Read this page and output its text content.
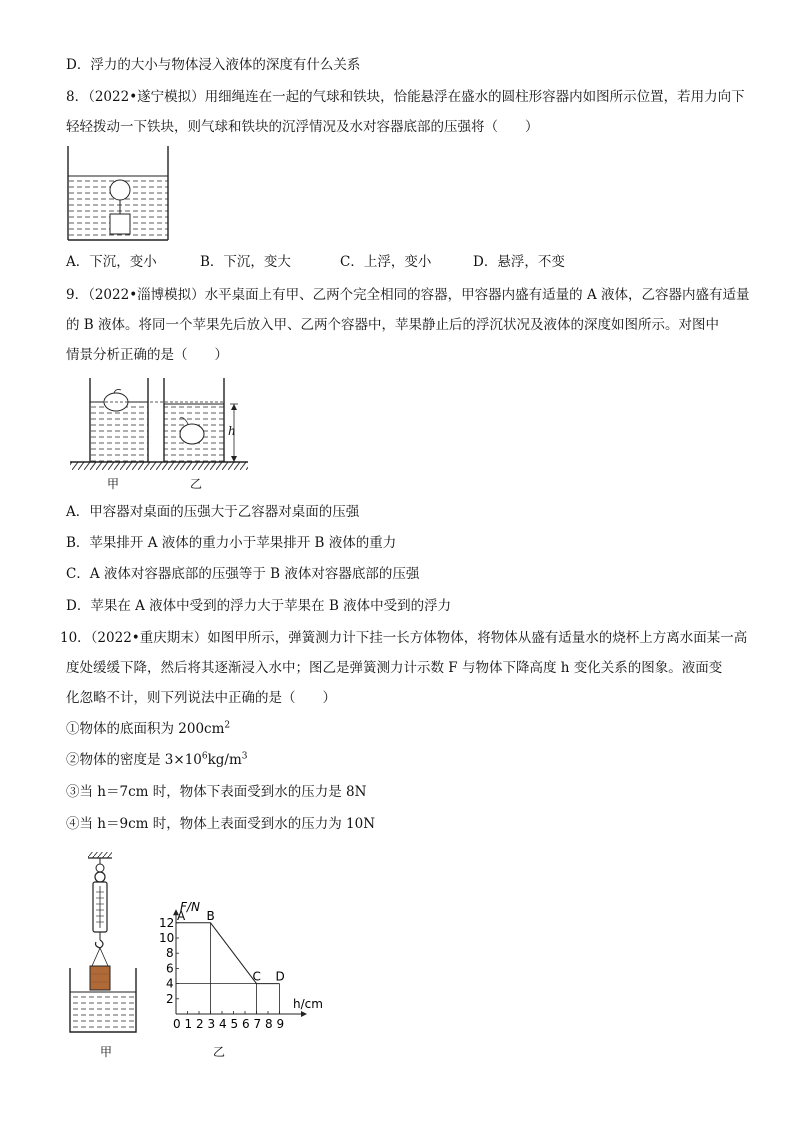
D．浮力的大小与物体浸入液体的深度有什么关系
8．（2022•遂宁模拟）用细绳连在一起的气球和铁块，恰能悬浮在盛水的圆柱形容器内如图所示位置，若用力向下
轻轻拨动一下铁块，则气球和铁块的沉浮情况及水对容器底部的压强将（　　）
A．下沉，变小	B．下沉，变大	C．上浮，变小	D．悬浮，不变
9．（2022•淄博模拟）水平桌面上有甲、乙两个完全相同的容器，甲容器内盛有适量的 A 液体，乙容器内盛有适量
的 B 液体。将同一个苹果先后放入甲、乙两个容器中，苹果静止后的浮沉状况及液体的深度如图所示。对图中
情景分析正确的是（　　）
h
甲	乙
A．甲容器对桌面的压强大于乙容器对桌面的压强
B．苹果排开 A 液体的重力小于苹果排开 B 液体的重力
C．A 液体对容器底部的压强等于 B 液体对容器底部的压强
D．苹果在 A 液体中受到的浮力大于苹果在 B 液体中受到的浮力
10．（2022•重庆期末）如图甲所示，弹簧测力计下挂一长方体物体，将物体从盛有适量水的烧杯上方离水面某一高
度处缓缓下降，然后将其逐渐浸入水中；图乙是弹簧测力计示数 F 与物体下降高度 h 变化关系的图象。液面变
化忽略不计，则下列说法中正确的是（　　）
①物体的底面积为 $200cm^2$
②物体的密度是 $3\times 10^6kg/m^3$
③当 h＝7cm 时，物体下表面受到水的压力是 8N
④当 h＝9cm 时，物体上表面受到水的压力为 10N
甲
F/N
h/cm
0 1 2 3 4 5 6 7 8 9
2
4
6
8
10
12 A B
C D
乙
